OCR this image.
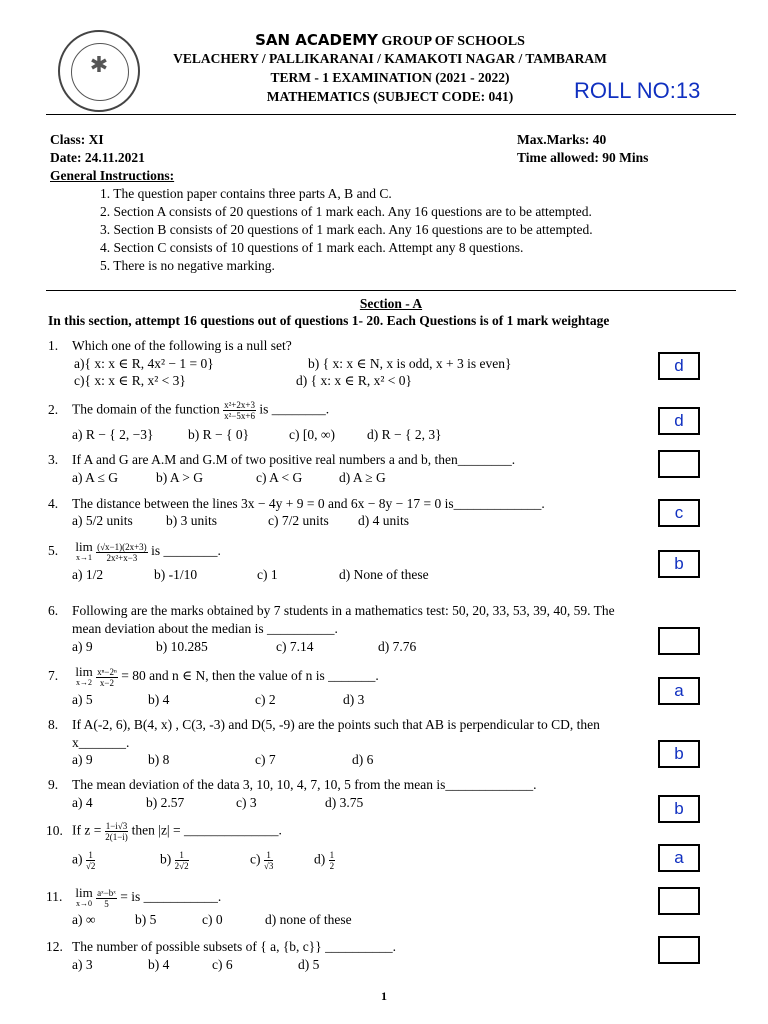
✱
SAN ACADEMY GROUP OF SCHOOLS
VELACHERY / PALLIKARANAI / KAMAKOTI NAGAR / TAMBARAM
TERM - 1 EXAMINATION (2021 - 2022)
MATHEMATICS (SUBJECT CODE: 041)	ROLL NO:13
Class: XI
Date: 24.11.2021
Max.Marks: 40
Time allowed: 90 Mins
General Instructions:
1. The question paper contains three parts A, B and C.
2. Section A consists of 20 questions of 1 mark each. Any 16 questions are to be attempted.
3. Section B consists of 20 questions of 1 mark each. Any 16 questions are to be attempted.
4. Section C consists of 10 questions of 1 mark each. Attempt any 8 questions.
5. There is no negative marking.
Section - A
In this section, attempt 16 questions out of questions 1- 20. Each Questions is of 1 mark weightage
1. Which one of the following is a null set?
a){ x: x ∈ R, 4x² − 1 = 0}	b) { x: x ∈ N, x is odd, x + 3 is even}
c){ x: x ∈ R, x² < 3}	d) { x: x ∈ R, x² < 0}
2. The domain of the function $\frac{\text{x²+2x+3}}{\text{x²−5x+6}}$ is ________.
a) R − { 2, −3}	b) R − { 0}	c) [0, ∞) d) R − { 2, 3}
3. If A and G are A.M and G.M of two positive real numbers a and b, then________.
a) A ≤ G	b) A > G	c) A < G	d) A ≥ G
4. The distance between the lines 3x − 4y + 9 = 0 and 6x − 8y − 17 = 0 is_____________.
a) 5/2 units b) 3 units	c) 7/2 units d) 4 units
5. lim
x→1
$\frac{(√x-1)(2x+3)}{\text{2x²+x−3}}$ is ________.
a) 1/2	b) -1/10	c) 1	d) None of these
6. Following are the marks obtained by 7 students in a mathematics test: 50, 20, 33, 53, 39, 40, 59. The
mean deviation about the median is __________.
a) 9	b) 10.285	c) 7.14	d) 7.76
7. lim
x→2
$\frac{\text{xⁿ−2ⁿ}}{x-2} = 80$ and n ∈ N, then the value of n is _______.
a) 5	b) 4	c) 2	d) 3
8. If A(-2, 6), B(4, x) , C(3, -3) and D(5, -9) are the points such that AB is perpendicular to CD, then
x_______.
a) 9	b) 8	c) 7	d) 6
9. The mean deviation of the data 3, 10, 10, 4, 7, 10, 5 from the mean is_____________.
a) 4	b) 2.57	c) 3	d) 3.75
10. If $z = \frac{1-i√3}{2(1-i)}$ then |z| = ______________.
$a) \frac{1}{√2}$	$b) \frac{1}{2√2}$	$c) \frac{1}{√3}$	$d) \frac{1}{2}$
11. lim
x→0
$\frac{\text{aˣ−bˣ}}{5}$ = is ___________.
a) ∞	b) 5	c) 0	d) none of these
12. The number of possible subsets of { a, {b, c}} __________.
a) 3	b) 4	c) 6	d) 5
d
d
c
b
a
b
b
a
1
